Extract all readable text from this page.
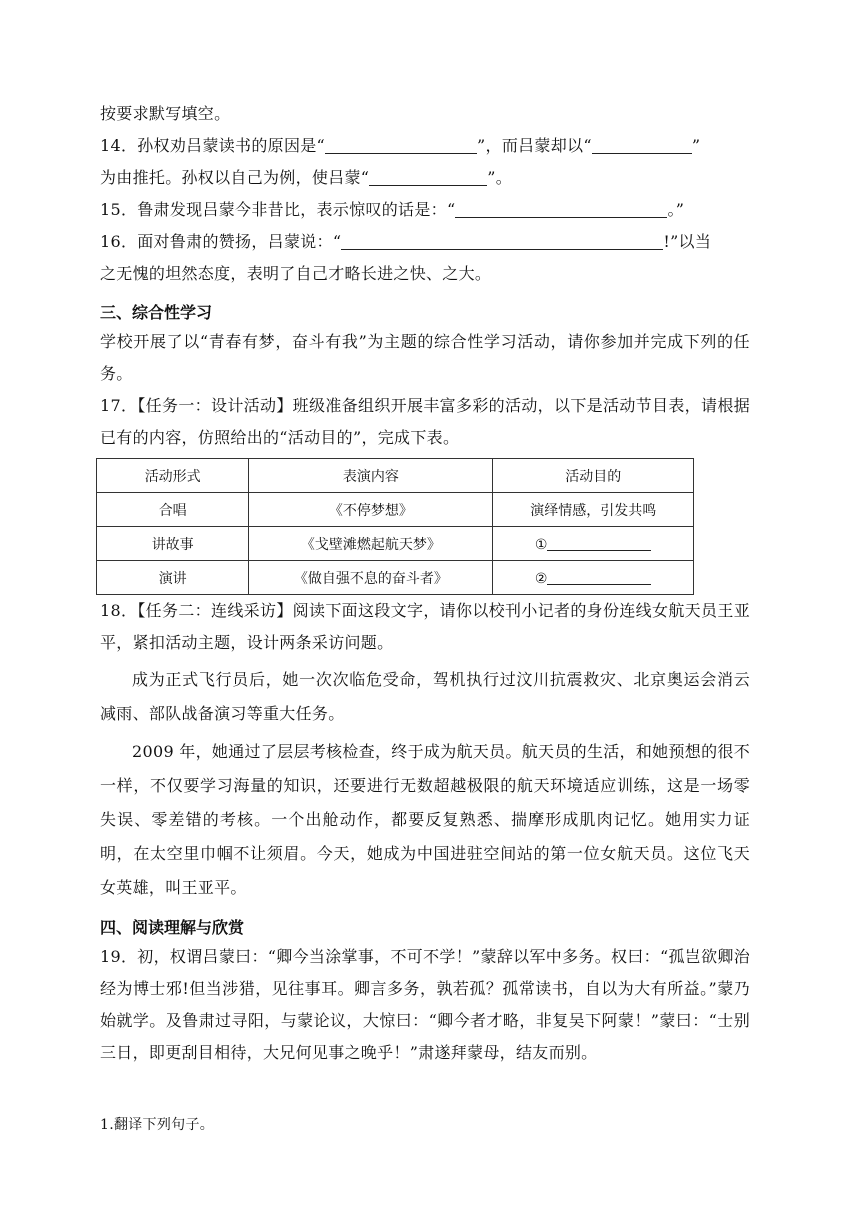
按要求默写填空。

14．孙权劝吕蒙读书的原因是“	”，而吕蒙却以“	”
为由推托。孙权以自己为例，使吕蒙“	”。

15．鲁肃发现吕蒙今非昔比，表示惊叹的话是：“	。”

16．面对鲁肃的赞扬，吕蒙说：“	!”以当
之无愧的坦然态度，表明了自己才略长进之快、之大。

三、综合性学习

学校开展了以“青春有梦，奋斗有我”为主题的综合性学习活动，请你参加并完成下列的任务。

17．【任务一：设计活动】班级准备组织开展丰富多彩的活动，以下是活动节目表，请根据已有的内容，仿照给出的“活动目的”，完成下表。

活动形式	表演内容	活动目的
合唱	《不停梦想》	演绎情感，引发共鸣
讲故事	《戈壁滩燃起航天梦》	①
演讲	《做自强不息的奋斗者》	②

18．【任务二：连线采访】阅读下面这段文字，请你以校刊小记者的身份连线女航天员王亚平，紧扣活动主题，设计两条采访问题。

成为正式飞行员后，她一次次临危受命，驾机执行过汶川抗震救灾、北京奥运会消云减雨、部队战备演习等重大任务。

2009 年，她通过了层层考核检查，终于成为航天员。航天员的生活，和她预想的很不一样，不仅要学习海量的知识，还要进行无数超越极限的航天环境适应训练，这是一场零失误、零差错的考核。一个出舱动作，都要反复熟悉、揣摩形成肌肉记忆。她用实力证明，在太空里巾帼不让须眉。今天，她成为中国进驻空间站的第一位女航天员。这位飞天女英雄，叫王亚平。

四、阅读理解与欣赏

19．初，权谓吕蒙曰：“卿今当涂掌事，不可不学！”蒙辞以军中多务。权曰：“孤岂欲卿治经为博士邪!但当涉猎，见往事耳。卿言多务，孰若孤？孤常读书，自以为大有所益。”蒙乃始就学。及鲁肃过寻阳，与蒙论议，大惊曰：“卿今者才略，非复吴下阿蒙！”蒙曰：“士别三日，即更刮目相待，大兄何见事之晚乎！”肃遂拜蒙母，结友而别。

1.翻译下列句子。
